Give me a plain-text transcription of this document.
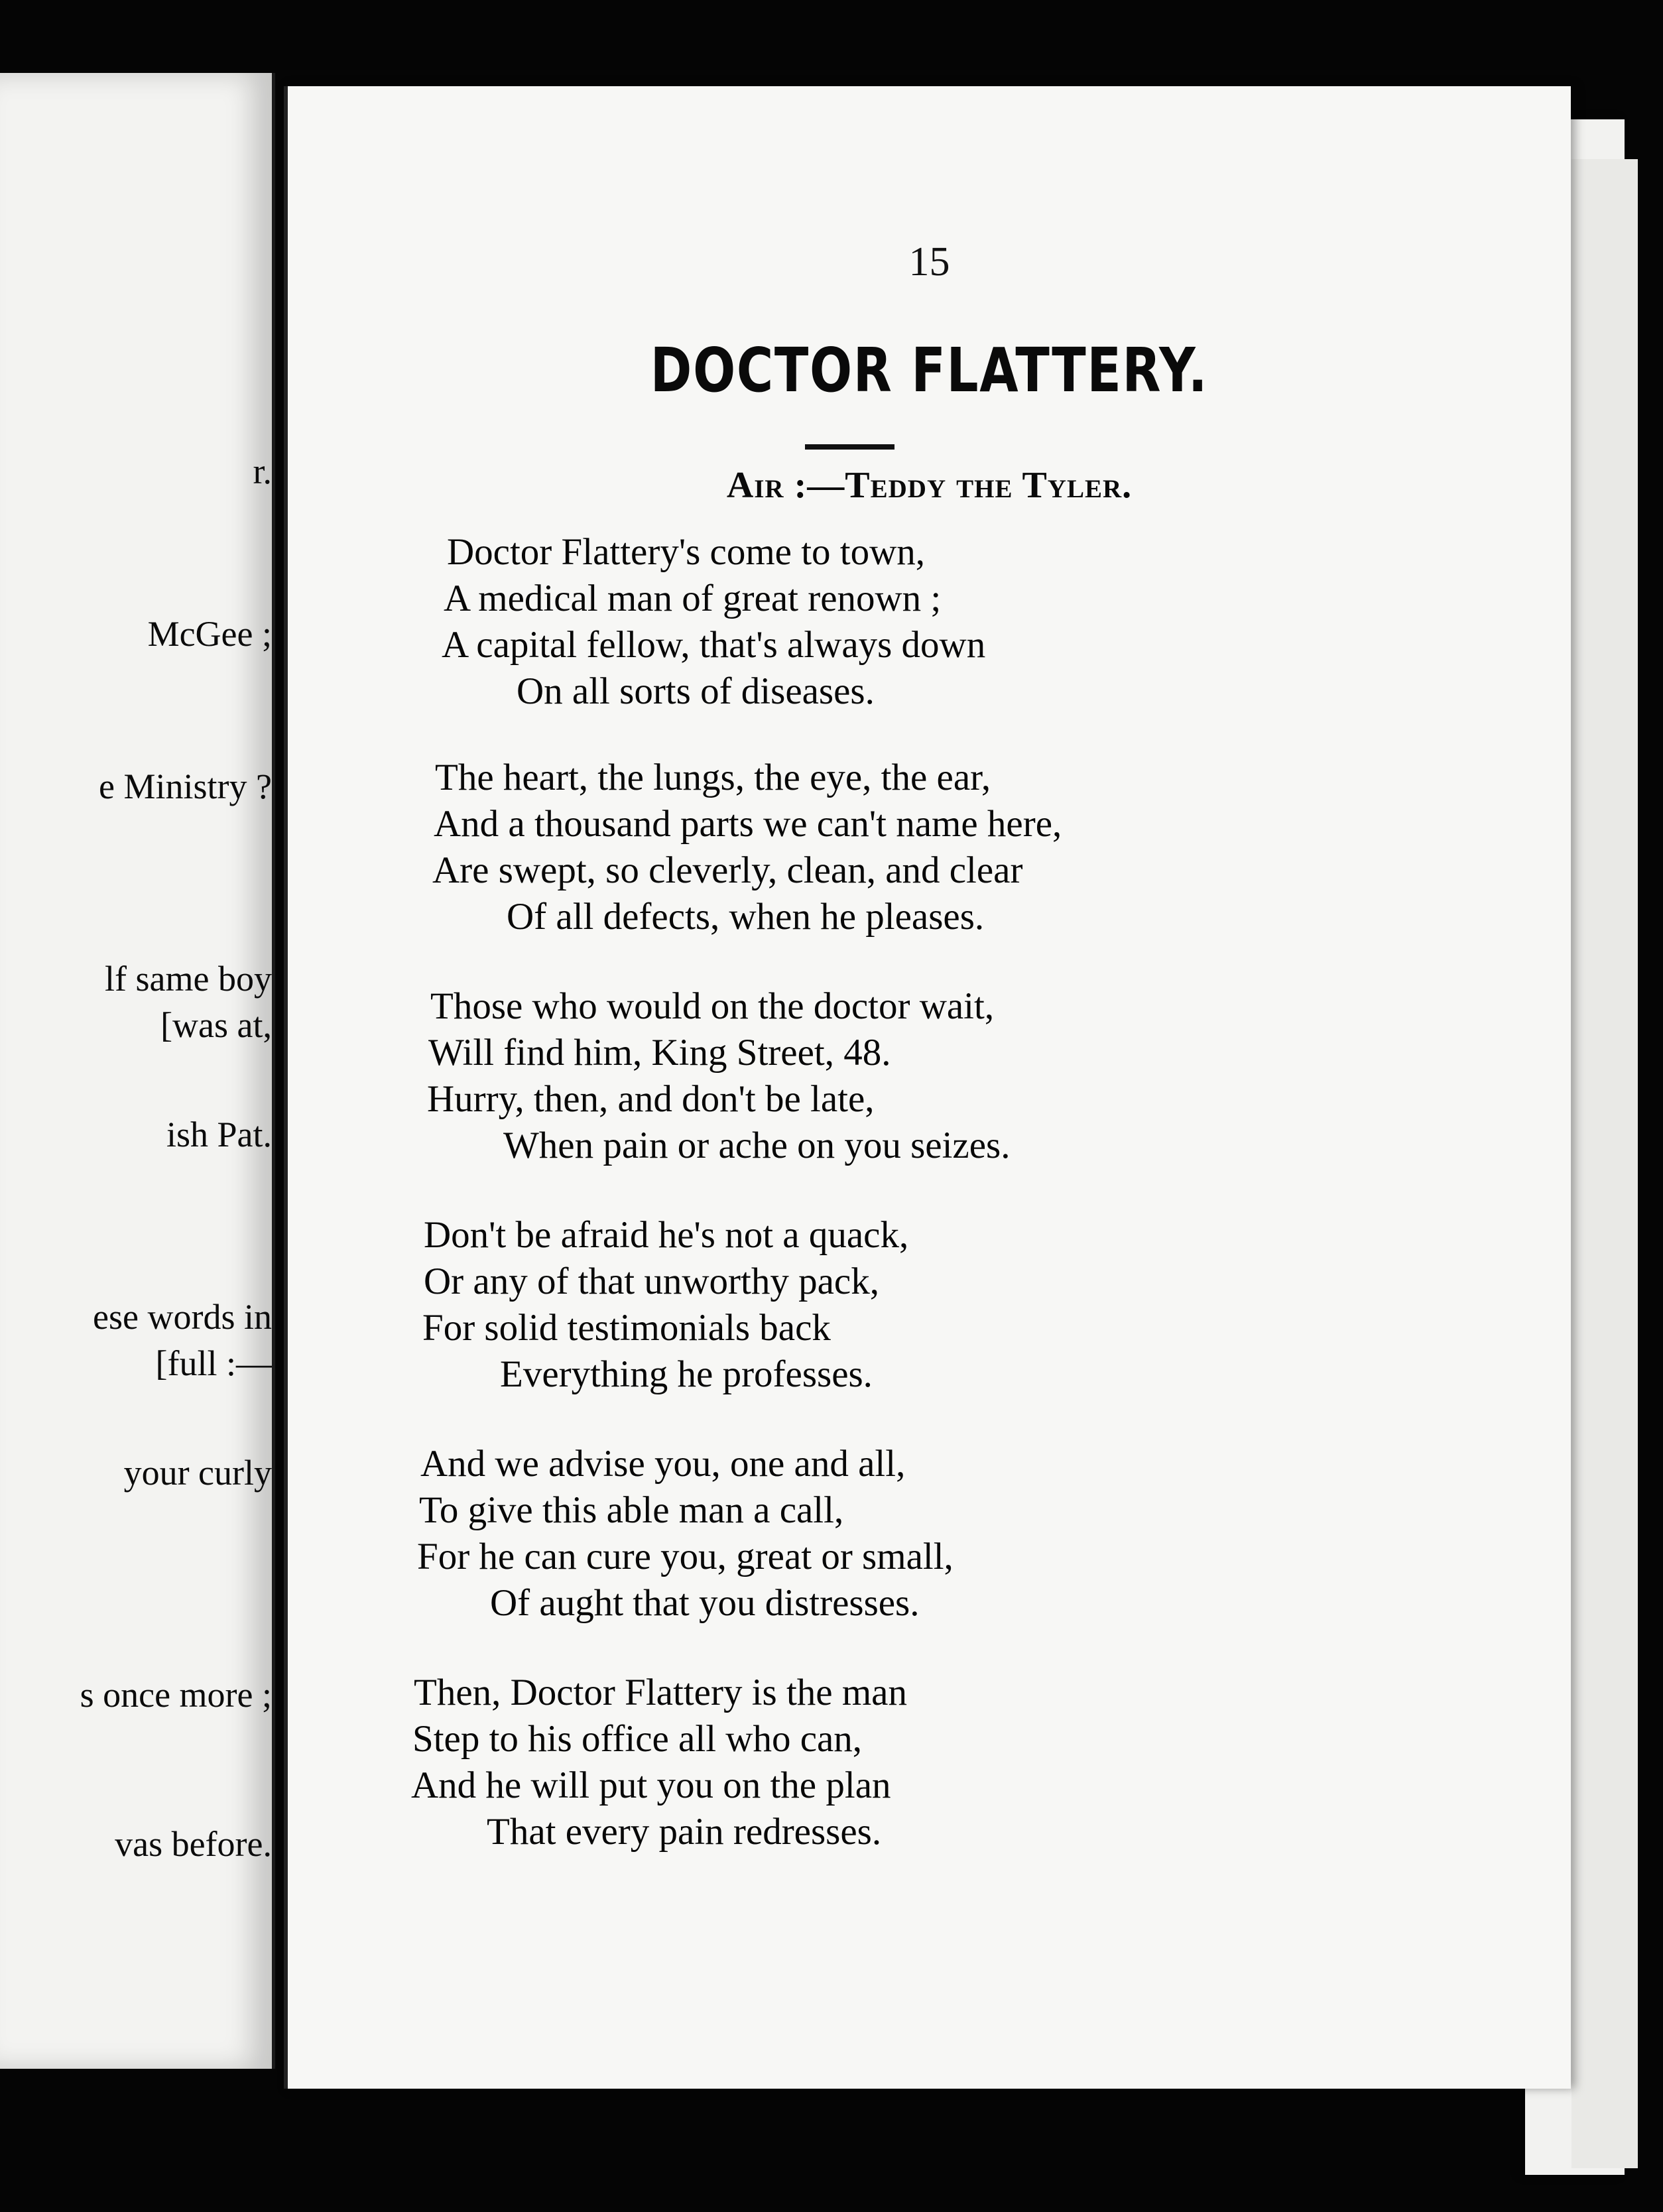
r.
McGee ;
e Ministry ?
lf same boy
[was at,
ish Pat.
ese words in
[full :—
your curly
s once more ;
vas before.
15
DOCTOR FLATTERY.
Air :—Teddy the Tyler.
Doctor Flattery's come to town,
A medical man of great renown ;
A capital fellow, that's always down
On all sorts of diseases.
The heart, the lungs, the eye, the ear,
And a thousand parts we can't name here,
Are swept, so cleverly, clean, and clear
Of all defects, when he pleases.
Those who would on the doctor wait,
Will find him, King Street, 48.
Hurry, then, and don't be late,
When pain or ache on you seizes.
Don't be afraid he's not a quack,
Or any of that unworthy pack,
For solid testimonials back
Everything he professes.
And we advise you, one and all,
To give this able man a call,
For he can cure you, great or small,
Of aught that you distresses.
Then, Doctor Flattery is the man
Step to his office all who can,
And he will put you on the plan
That every pain redresses.
